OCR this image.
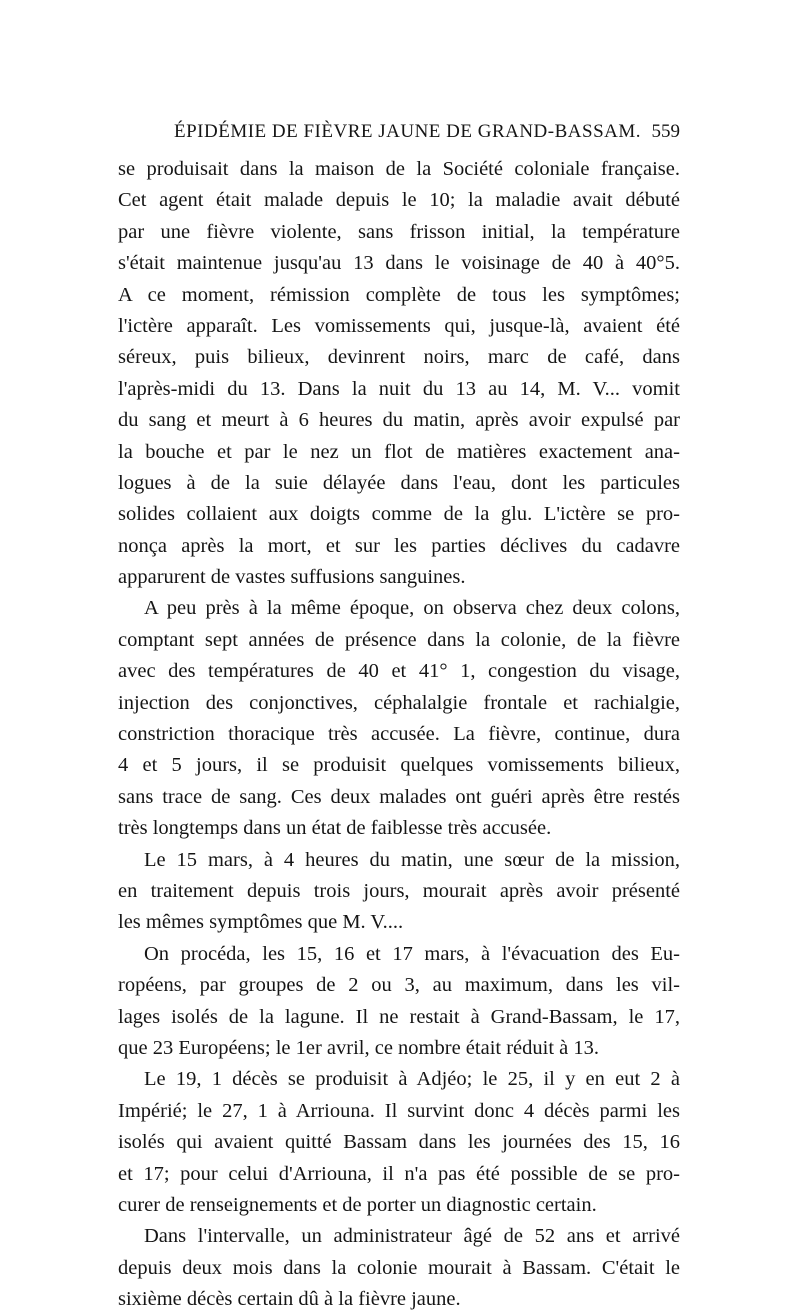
ÉPIDÉMIE DE FIÈVRE JAUNE DE GRAND-BASSAM. 559
se produisait dans la maison de la Société coloniale française.
Cet agent était malade depuis le 10; la maladie avait débuté
par une fièvre violente, sans frisson initial, la température
s'était maintenue jusqu'au 13 dans le voisinage de 40 à 40°5.
A ce moment, rémission complète de tous les symptômes;
l'ictère apparaît. Les vomissements qui, jusque-là, avaient été
séreux, puis bilieux, devinrent noirs, marc de café, dans
l'après-midi du 13. Dans la nuit du 13 au 14, M. V... vomit
du sang et meurt à 6 heures du matin, après avoir expulsé par
la bouche et par le nez un flot de matières exactement ana-
logues à de la suie délayée dans l'eau, dont les particules
solides collaient aux doigts comme de la glu. L'ictère se pro-
nonça après la mort, et sur les parties déclives du cadavre
apparurent de vastes suffusions sanguines.
A peu près à la même époque, on observa chez deux colons,
comptant sept années de présence dans la colonie, de la fièvre
avec des températures de 40 et 41° 1, congestion du visage,
injection des conjonctives, céphalalgie frontale et rachialgie,
constriction thoracique très accusée. La fièvre, continue, dura
4 et 5 jours, il se produisit quelques vomissements bilieux,
sans trace de sang. Ces deux malades ont guéri après être restés
très longtemps dans un état de faiblesse très accusée.
Le 15 mars, à 4 heures du matin, une sœur de la mission,
en traitement depuis trois jours, mourait après avoir présenté
les mêmes symptômes que M. V....
On procéda, les 15, 16 et 17 mars, à l'évacuation des Eu-
ropéens, par groupes de 2 ou 3, au maximum, dans les vil-
lages isolés de la lagune. Il ne restait à Grand-Bassam, le 17,
que 23 Européens; le 1er avril, ce nombre était réduit à 13.
Le 19, 1 décès se produisit à Adjéo; le 25, il y en eut 2 à
Impérié; le 27, 1 à Arriouna. Il survint donc 4 décès parmi les
isolés qui avaient quitté Bassam dans les journées des 15, 16
et 17; pour celui d'Arriouna, il n'a pas été possible de se pro-
curer de renseignements et de porter un diagnostic certain.
Dans l'intervalle, un administrateur âgé de 52 ans et arrivé
depuis deux mois dans la colonie mourait à Bassam. C'était le
sixième décès certain dû à la fièvre jaune.
